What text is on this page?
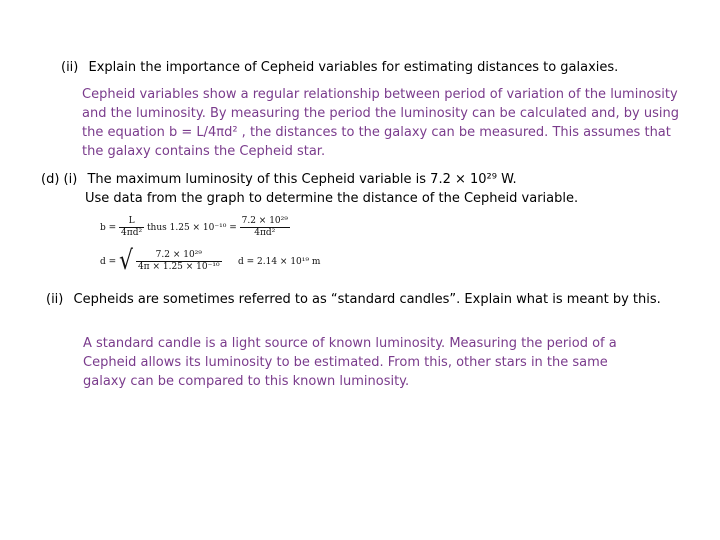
(ii) Explain the importance of Cepheid variables for estimating distances to galaxies.
Cepheid variables show a regular relationship between period of variation of the luminosity
and the luminosity. By measuring the period the luminosity can be calculated and, by using
the equation b = L/4πd² , the distances to the galaxy can be measured. This assumes that
the galaxy contains the Cepheid star.
(d) (i) The maximum luminosity of this Cepheid variable is 7.2 × 10²⁹ W.
Use data from the graph to determine the distance of the Cepheid variable.
$b = \frac{L}{\text{4πd²}}$ thus $1.25 \times 10^{-10} = \frac{\text{7.2 × 10²⁹}}{\text{4πd²}}$
d = √ $\frac{\text{7.2 × 10²⁹}}{\text{4π × 1.25 × 10⁻¹⁰}}$ d = 2.14 × 10¹⁹ m
(ii) Cepheids are sometimes referred to as “standard candles”. Explain what is meant by this.
A standard candle is a light source of known luminosity. Measuring the period of a
Cepheid allows its luminosity to be estimated. From this, other stars in the same
galaxy can be compared to this known luminosity.
